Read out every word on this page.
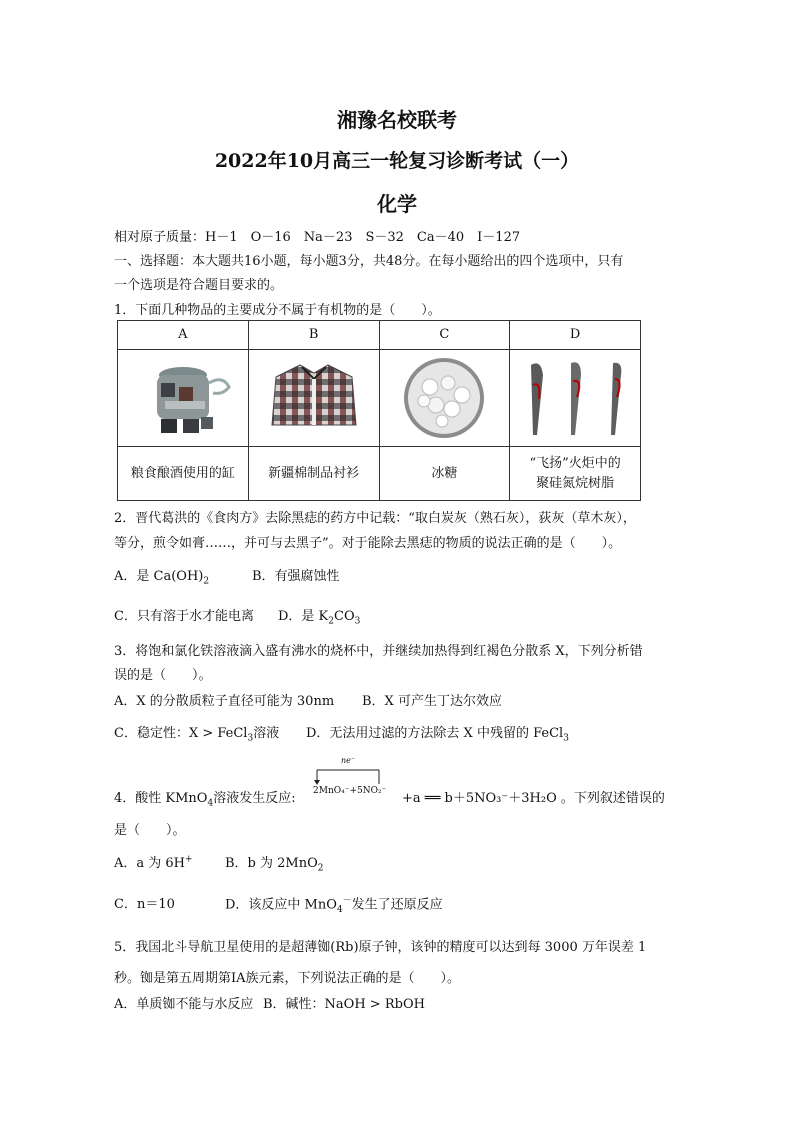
湘豫名校联考
2022年10月高三一轮复习诊断考试（一）
化学
相对原子质量：H－1　O－16　Na－23　S－32　Ca－40　I－127
一、选择题：本大题共16小题，每小题3分，共48分。在每小题给出的四个选项中，只有
一个选项是符合题目要求的。
1．下面几种物品的主要成分不属于有机物的是（　　）。
A	B	C	D

粮食酿酒使用的缸	新疆棉制品衬衫	冰糖	“飞扬”火炬中的
聚硅氮烷树脂
2．晋代葛洪的《食肉方》去除黑痣的药方中记载：“取白炭灰（熟石灰），荻灰（草木灰），
等分，煎令如膏……，并可与去黑子”。对于能除去黑痣的物质的说法正确的是（　　）。
A．是 $Ca(OH)_2$	B．有强腐蚀性
C．只有溶于水才能电离 D．是 $K_2CO_3$
3．将饱和氯化铁溶液滴入盛有沸水的烧杯中，并继续加热得到红褐色分散系 X，下列分析错
误的是（　　）。
A．X 的分散质粒子直径可能为 30nm B．X 可产生丁达尔效应
C．稳定性：X > FeCl$_3$溶液 D．无法用过滤的方法除去 X 中残留的 FeCl$_3$
4．酸性 KMnO$_4$溶液发生反应:
ne⁻
2MnO₄⁻+5NO₂⁻ +a ══ b＋5NO₃⁻＋3H₂O 。下列叙述错误的
是（　　）。
A．a 为 6H+ B．b 为 2MnO$_2$
C．n＝10	D．该反应中 MnO$_4$－发生了还原反应
5．我国北斗导航卫星使用的是超薄铷(Rb)原子钟，该钟的精度可以达到每 3000 万年误差 1
秒。铷是第五周期第ⅠA族元素，下列说法正确的是（　　）。
A．单质铷不能与水反应 B．碱性：NaOH > RbOH
